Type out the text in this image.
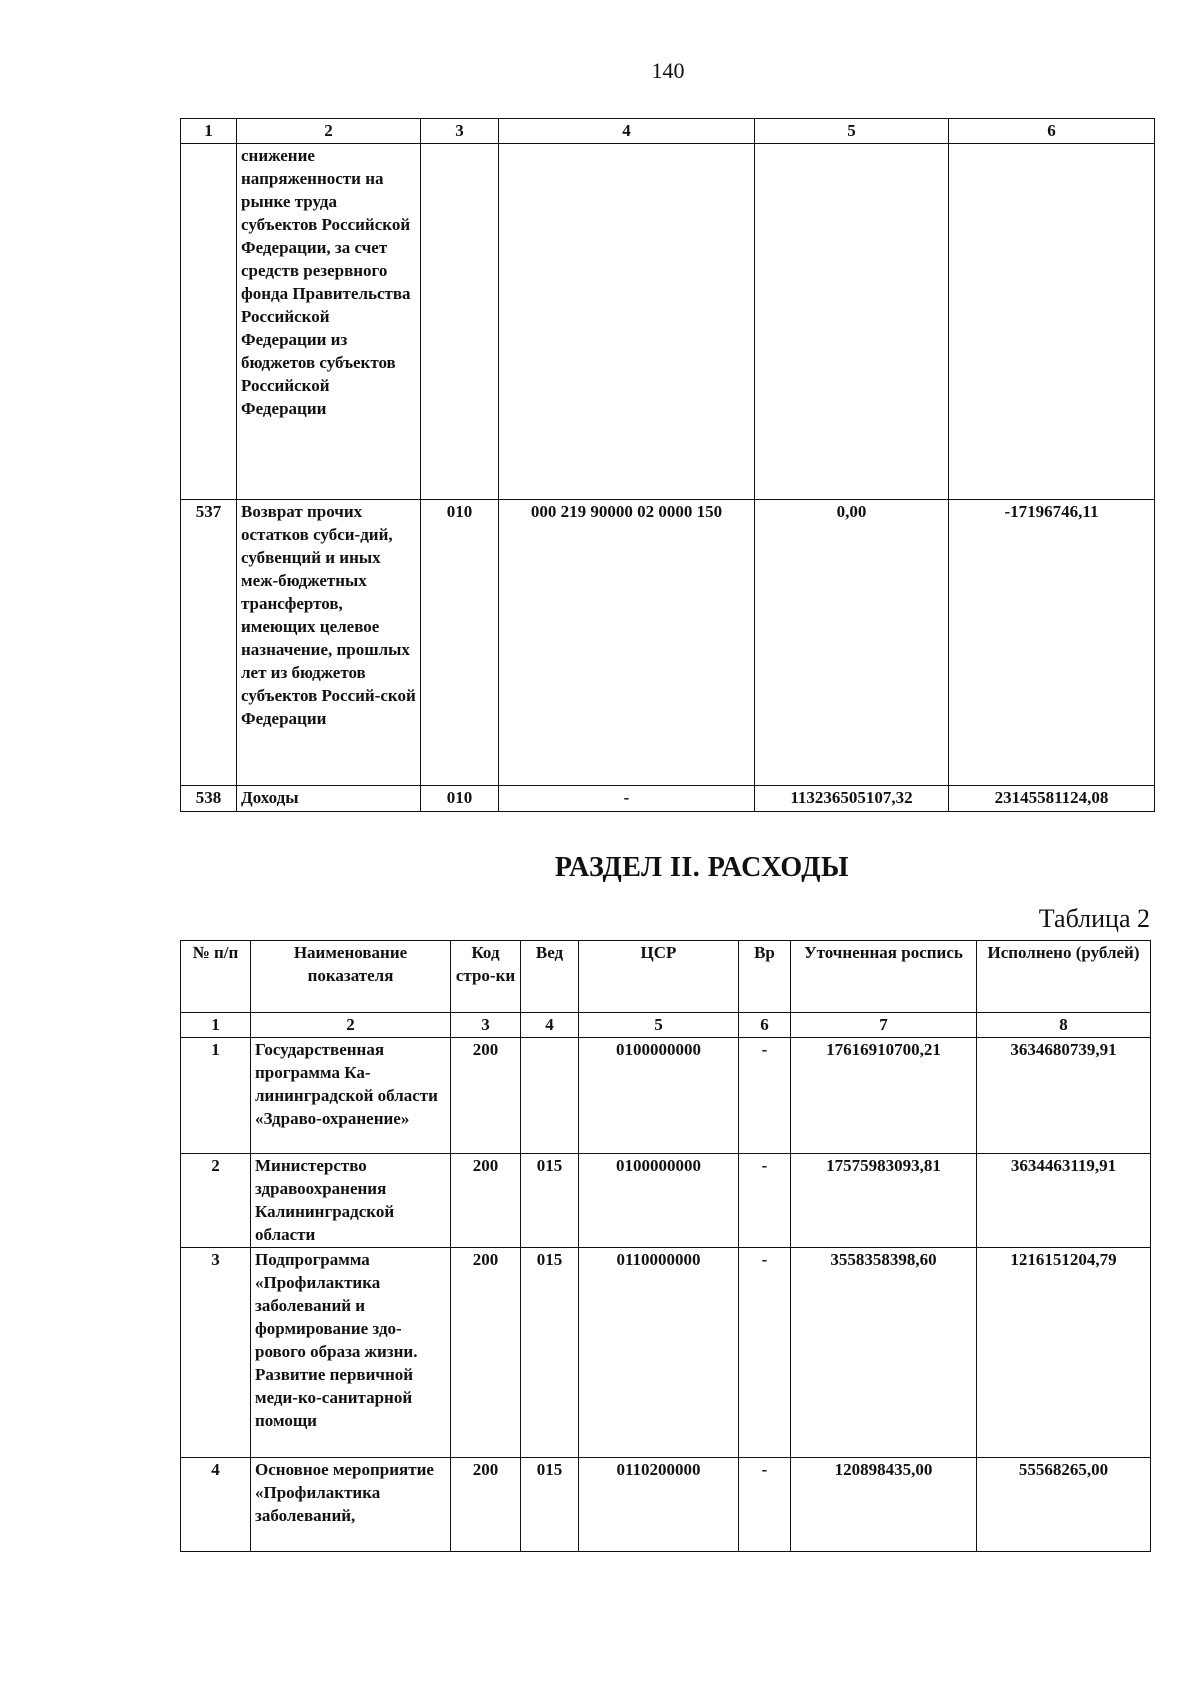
140
1	2	3	4	5	6
	снижение напряженности на рынке труда субъектов Российской Федерации, за счет средств резервного фонда Правительства Российской Федерации из бюджетов субъектов Российской Федерации				
537	Возврат прочих остатков субси-дий, субвенций и иных меж-бюджетных трансфертов, имеющих целевое назначение, прошлых лет из бюджетов субъектов Россий-ской Федерации	010	000 219 90000 02 0000 150	0,00	-17196746,11
538	Доходы	010	-	113236505107,32	23145581124,08
РАЗДЕЛ II. РАСХОДЫ
Таблица 2
№ п/п	Наименование показателя	Код стро-ки	Вед	ЦСР	Вр	Уточненная роспись	Исполнено (рублей)
1	2	3	4	5	6	7	8
1	Государственная программа Ка-лининградской области «Здраво-охранение»	200		0100000000	-	17616910700,21	3634680739,91
2	Министерство здравоохранения Калининградской области	200	015	0100000000	-	17575983093,81	3634463119,91
3	Подпрограмма «Профилактика заболеваний и формирование здо-рового образа жизни. Развитие первичной меди-ко-санитарной помощи	200	015	0110000000	-	3558358398,60	1216151204,79
4	Основное мероприятие «Профилактика заболеваний,	200	015	0110200000	-	120898435,00	55568265,00
